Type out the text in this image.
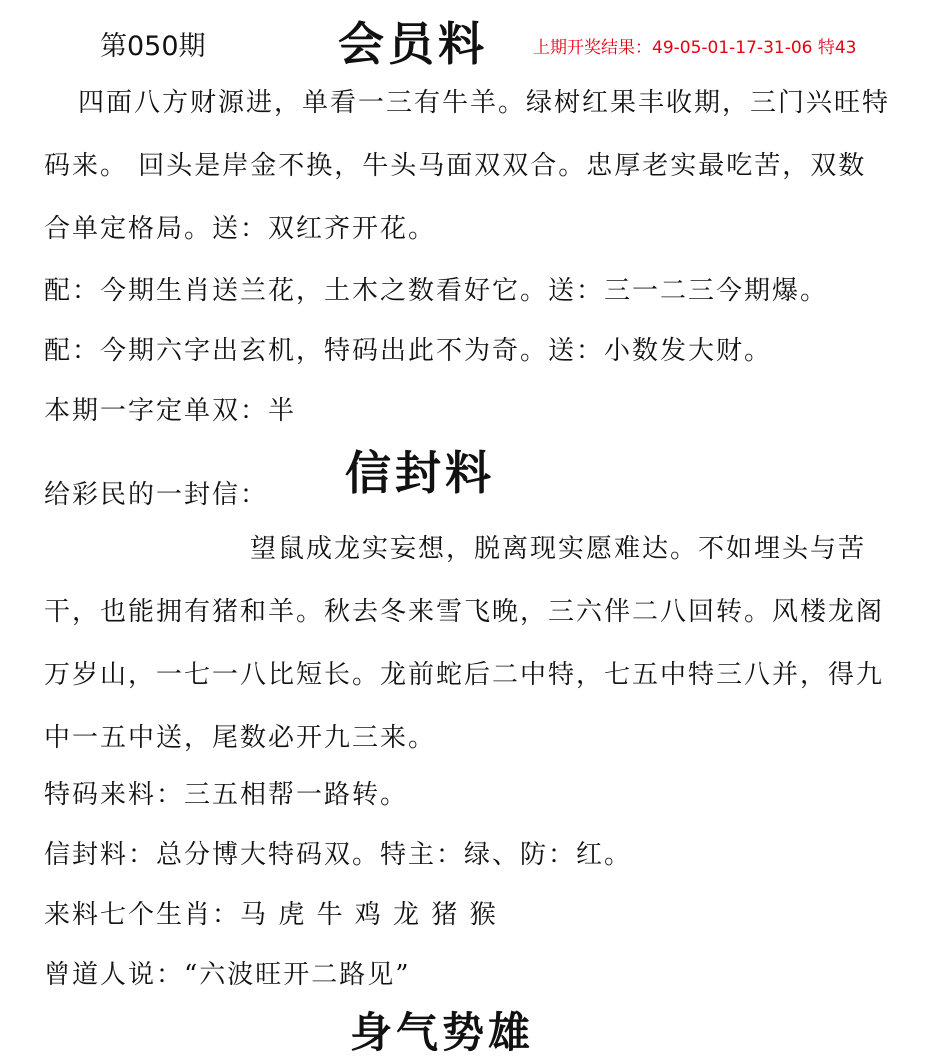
第050期	会员料	上期开奖结果：49-05-01-17-31-06 特43

四面八方财源进，单看一三有牛羊。绿树红果丰收期，三门兴旺特码来。 回头是岸金不换，牛头马面双双合。忠厚老实最吃苦，双数合单定格局。送：双红齐开花。

配：今期生肖送兰花，土木之数看好它。送：三一二三今期爆。
配：今期六字出玄机，特码出此不为奇。送：小数发大财。
本期一字定单双：半
信封料
给彩民的一封信：

望鼠成龙实妄想，脱离现实愿难达。不如埋头与苦干，也能拥有猪和羊。秋去冬来雪飞晚，三六伴二八回转。风楼龙阁万岁山，一七一八比短长。龙前蛇后二中特，七五中特三八并，得九中一五中送，尾数必开九三来。

特码来料：三五相帮一路转。
信封料：总分博大特码双。特主：绿、防：红。
来料七个生肖：马 虎 牛 鸡 龙 猪 猴
曾道人说：“六波旺开二路见”
身气势雄
